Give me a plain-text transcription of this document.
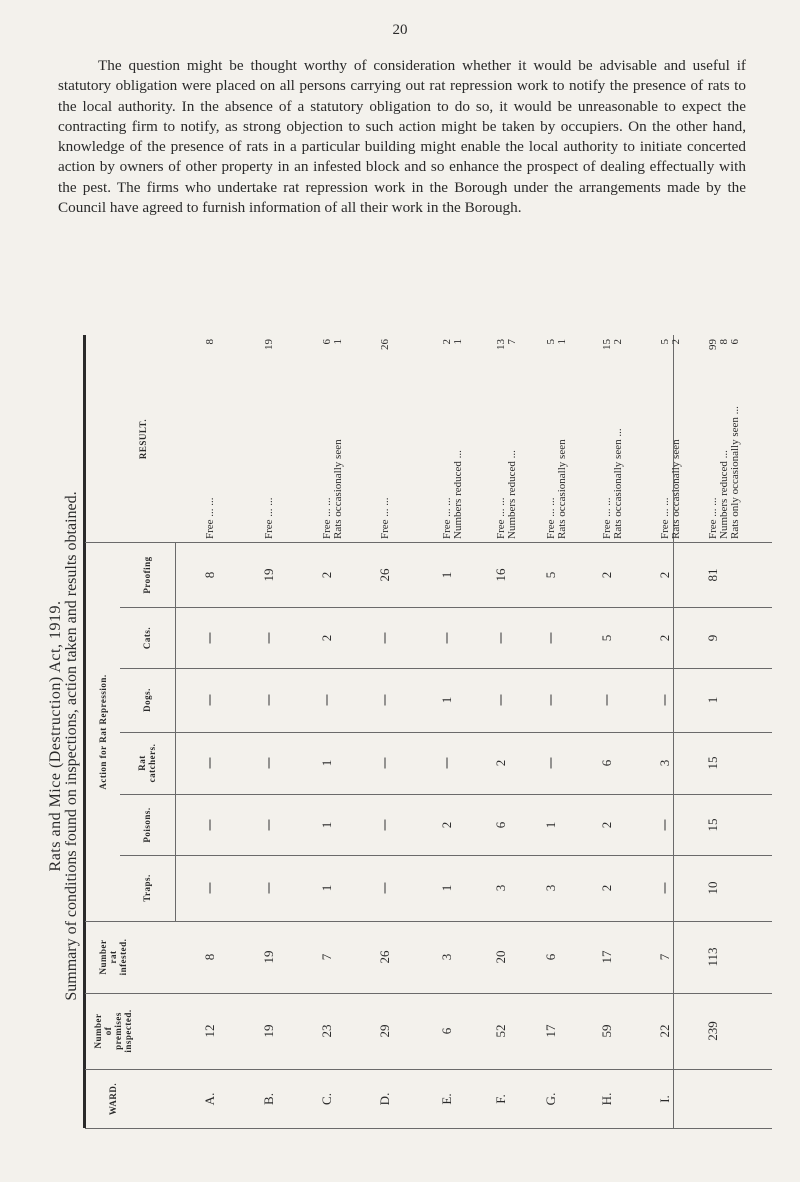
20
The question might be thought worthy of consideration whether it would be advisable and useful if statutory obligation were placed on all persons carrying out rat repression work to notify the presence of rats to the local authority. In the absence of a statutory obligation to do so, it would be unreasonable to expect the contracting firm to notify, as strong objection to such action might be taken by occupiers. On the other hand, knowledge of the presence of rats in a particular building might enable the local authority to initiate concerted action by owners of other property in an infested block and so enhance the prospect of dealing effectually with the pest. The firms who undertake rat repression work in the Borough under the arrangements made by the Council have agreed to furnish information of all their work in the Borough.
Rats and Mice (Destruction) Act, 1919. Summary of conditions found on inspections, action taken and results obtained.
RESULT.
Proofing
Cats.
Dogs.
Rat
catchers.
Poisons.
Traps.
Action for Rat Repression.
Number
rat
infested.
Number
of
premises
inspected.
WARD.
8
8
12
A.
Free ... ...
8
19
19
19
B.
Free ... ...
19
2
2
1
1
1
7
23
C.
Free ... ...
6
Rats occasionally seen
1
26
26
29
D.
Free ... ...
26
1
1
2
1
3
6
E.
Free ... ...
2
Numbers reduced ...
1
16
2
6
3
20
52
F.
Free ... ...
13
Numbers reduced ...
7
5
1
3
6
17
G.
Free ... ...
5
Rats occasionally seen
1
2
5
6
2
2
17
59
H.
Free ... ...
15
Rats occasionally seen ...
2
2
2
3
7
22
I.
Free ... ...
5
Rats occasionally seen
2
81
9
1
15
15
10
113
239
Free ... ...
99
Numbers reduced ...
8
Rats only occasionally seen ...
6
